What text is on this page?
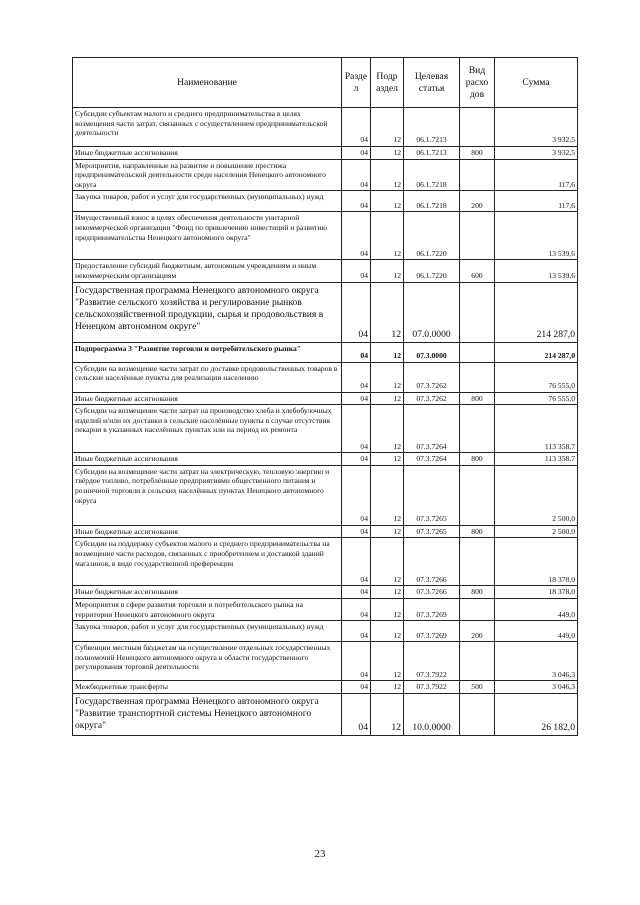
Наименование	Разде л	Подр аздел	Целевая статья	Вид расхо дов	Сумма
Субсидии субъектам малого и среднего предпринимательства в целях возмещения части затрат, связанных с осуществлением предпринимательской деятельности	04	12	06.1.7213		3 932,5
Иные бюджетные ассигнования	04	12	06.1.7213	800	3 932,5
Мероприятия, направленные на развитие и повышение престижа предпринимательской деятельности среди населения Ненецкого автономного округа	04	12	06.1.7218		117,6
Закупка товаров, работ и услуг для государственных (муниципальных) нужд	04	12	06.1.7218	200	117,6
Имущественный взнос в целях обеспечения деятельности унитарной некоммерческой организации "Фонд по привлечению инвестиций и развитию предпринимательства Ненецкого автономного округа"	04	12	06.1.7220		13 539,6
Предоставление субсидий бюджетным, автономным учреждениям и иным некоммерческим организациям	04	12	06.1.7220	600	13 539,6
Государственная программа Ненецкого автономного округа "Развитие сельского хозяйства и регулирование рынков сельскохозяйственной продукции, сырья и продовольствия в Ненецком автономном округе"	04	12	07.0.0000		214 287,0
Подпрограмма 3 "Развитие торговли и потребительского рынка"	04	12	07.3.0000		214 287,0
Субсидии на возмещение части затрат по доставке продовольственных товаров в сельские населённые пункты для реализации населению	04	12	07.3.7262		76 555,0
Иные бюджетные ассигнования	04	12	07.3.7262	800	76 555,0
Субсидии на возмещение части затрат на производство хлеба и хлебобулочных изделий и/или их доставки в сельские населённые пункты в случае отсутствия пекарни в указанных населённых пунктах или на период их ремонта	04	12	07.3.7264		113 358,7
Иные бюджетные ассигнования	04	12	07.3.7264	800	113 358,7
Субсидии на возмещение части затрат на электрическую, тепловую энергию и твёрдое топливо, потреблённые предприятиями общественного питания и розничной торговли в сельских населённых пунктах Ненецкого автономного округа	04	12	07.3.7265		2 500,0
Иные бюджетные ассигнования	04	12	07.3.7265	800	2 500,0
Субсидии на поддержку субъектов малого и среднего предпринимательства на возмещение части расходов, связанных с приобретением и доставкой зданий магазинов, в виде государственной преференции	04	12	07.3.7266		18 378,0
Иные бюджетные ассигнования	04	12	07.3.7266	800	18 378,0
Мероприятия в сфере развития торговли и потребительского рынка на территории Ненецкого автономного округа	04	12	07.3.7269		449,0
Закупка товаров, работ и услуг для государственных (муниципальных) нужд	04	12	07.3.7269	200	449,0
Субвенции местным бюджетам на осуществление отдельных государственных полномочий Ненецкого автономного округа в области государственного регулирования торговой деятельности	04	12	07.3.7922		3 046,3
Межбюджетные трансферты	04	12	07.3.7922	500	3 046,3
Государственная программа Ненецкого автономного округа "Развитие транспортной системы Ненецкого автономного округа"	04	12	10.0.0000		26 182,0
23
